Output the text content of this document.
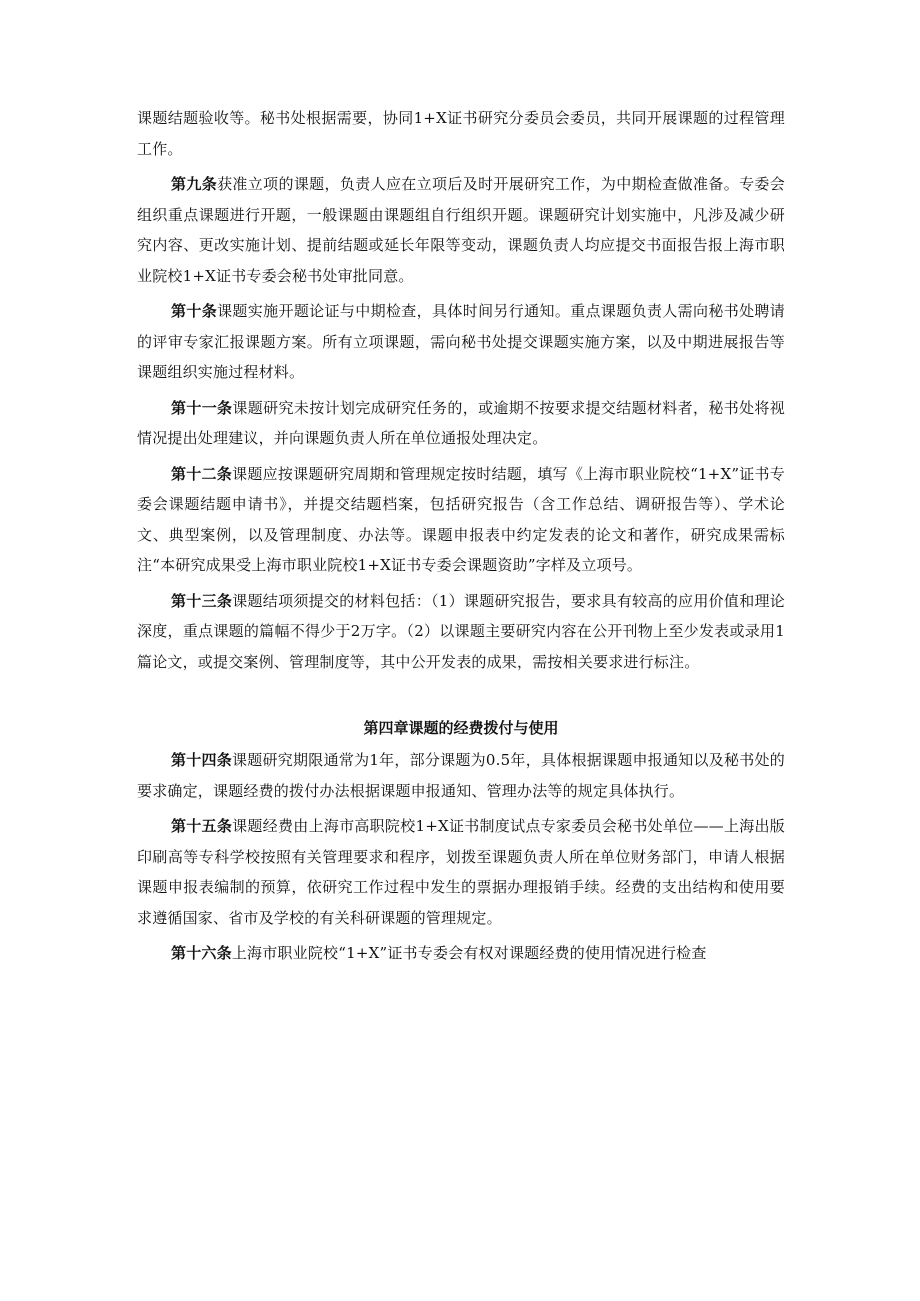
课题结题验收等。秘书处根据需要，协同1+X证书研究分委员会委员，共同开展课题的过程管理工作。

第九条获准立项的课题，负责人应在立项后及时开展研究工作，为中期检查做准备。专委会组织重点课题进行开题，一般课题由课题组自行组织开题。课题研究计划实施中，凡涉及减少研究内容、更改实施计划、提前结题或延长年限等变动，课题负责人均应提交书面报告报上海市职业院校1+X证书专委会秘书处审批同意。

第十条课题实施开题论证与中期检查，具体时间另行通知。重点课题负责人需向秘书处聘请的评审专家汇报课题方案。所有立项课题，需向秘书处提交课题实施方案，以及中期进展报告等课题组织实施过程材料。

第十一条课题研究未按计划完成研究任务的，或逾期不按要求提交结题材料者，秘书处将视情况提出处理建议，并向课题负责人所在单位通报处理决定。

第十二条课题应按课题研究周期和管理规定按时结题，填写《上海市职业院校“1+X”证书专委会课题结题申请书》，并提交结题档案，包括研究报告（含工作总结、调研报告等）、学术论文、典型案例，以及管理制度、办法等。课题申报表中约定发表的论文和著作，研究成果需标注“本研究成果受上海市职业院校1+X证书专委会课题资助”字样及立项号。

第十三条课题结项须提交的材料包括：（1）课题研究报告，要求具有较高的应用价值和理论深度，重点课题的篇幅不得少于2万字。（2）以课题主要研究内容在公开刊物上至少发表或录用1篇论文，或提交案例、管理制度等，其中公开发表的成果，需按相关要求进行标注。

第四章课题的经费拨付与使用

第十四条课题研究期限通常为1年，部分课题为0.5年，具体根据课题申报通知以及秘书处的要求确定，课题经费的拨付办法根据课题申报通知、管理办法等的规定具体执行。

第十五条课题经费由上海市高职院校1+X证书制度试点专家委员会秘书处单位——上海出版印刷高等专科学校按照有关管理要求和程序，划拨至课题负责人所在单位财务部门，申请人根据课题申报表编制的预算，依研究工作过程中发生的票据办理报销手续。经费的支出结构和使用要求遵循国家、省市及学校的有关科研课题的管理规定。

第十六条上海市职业院校“1+X”证书专委会有权对课题经费的使用情况进行检查
